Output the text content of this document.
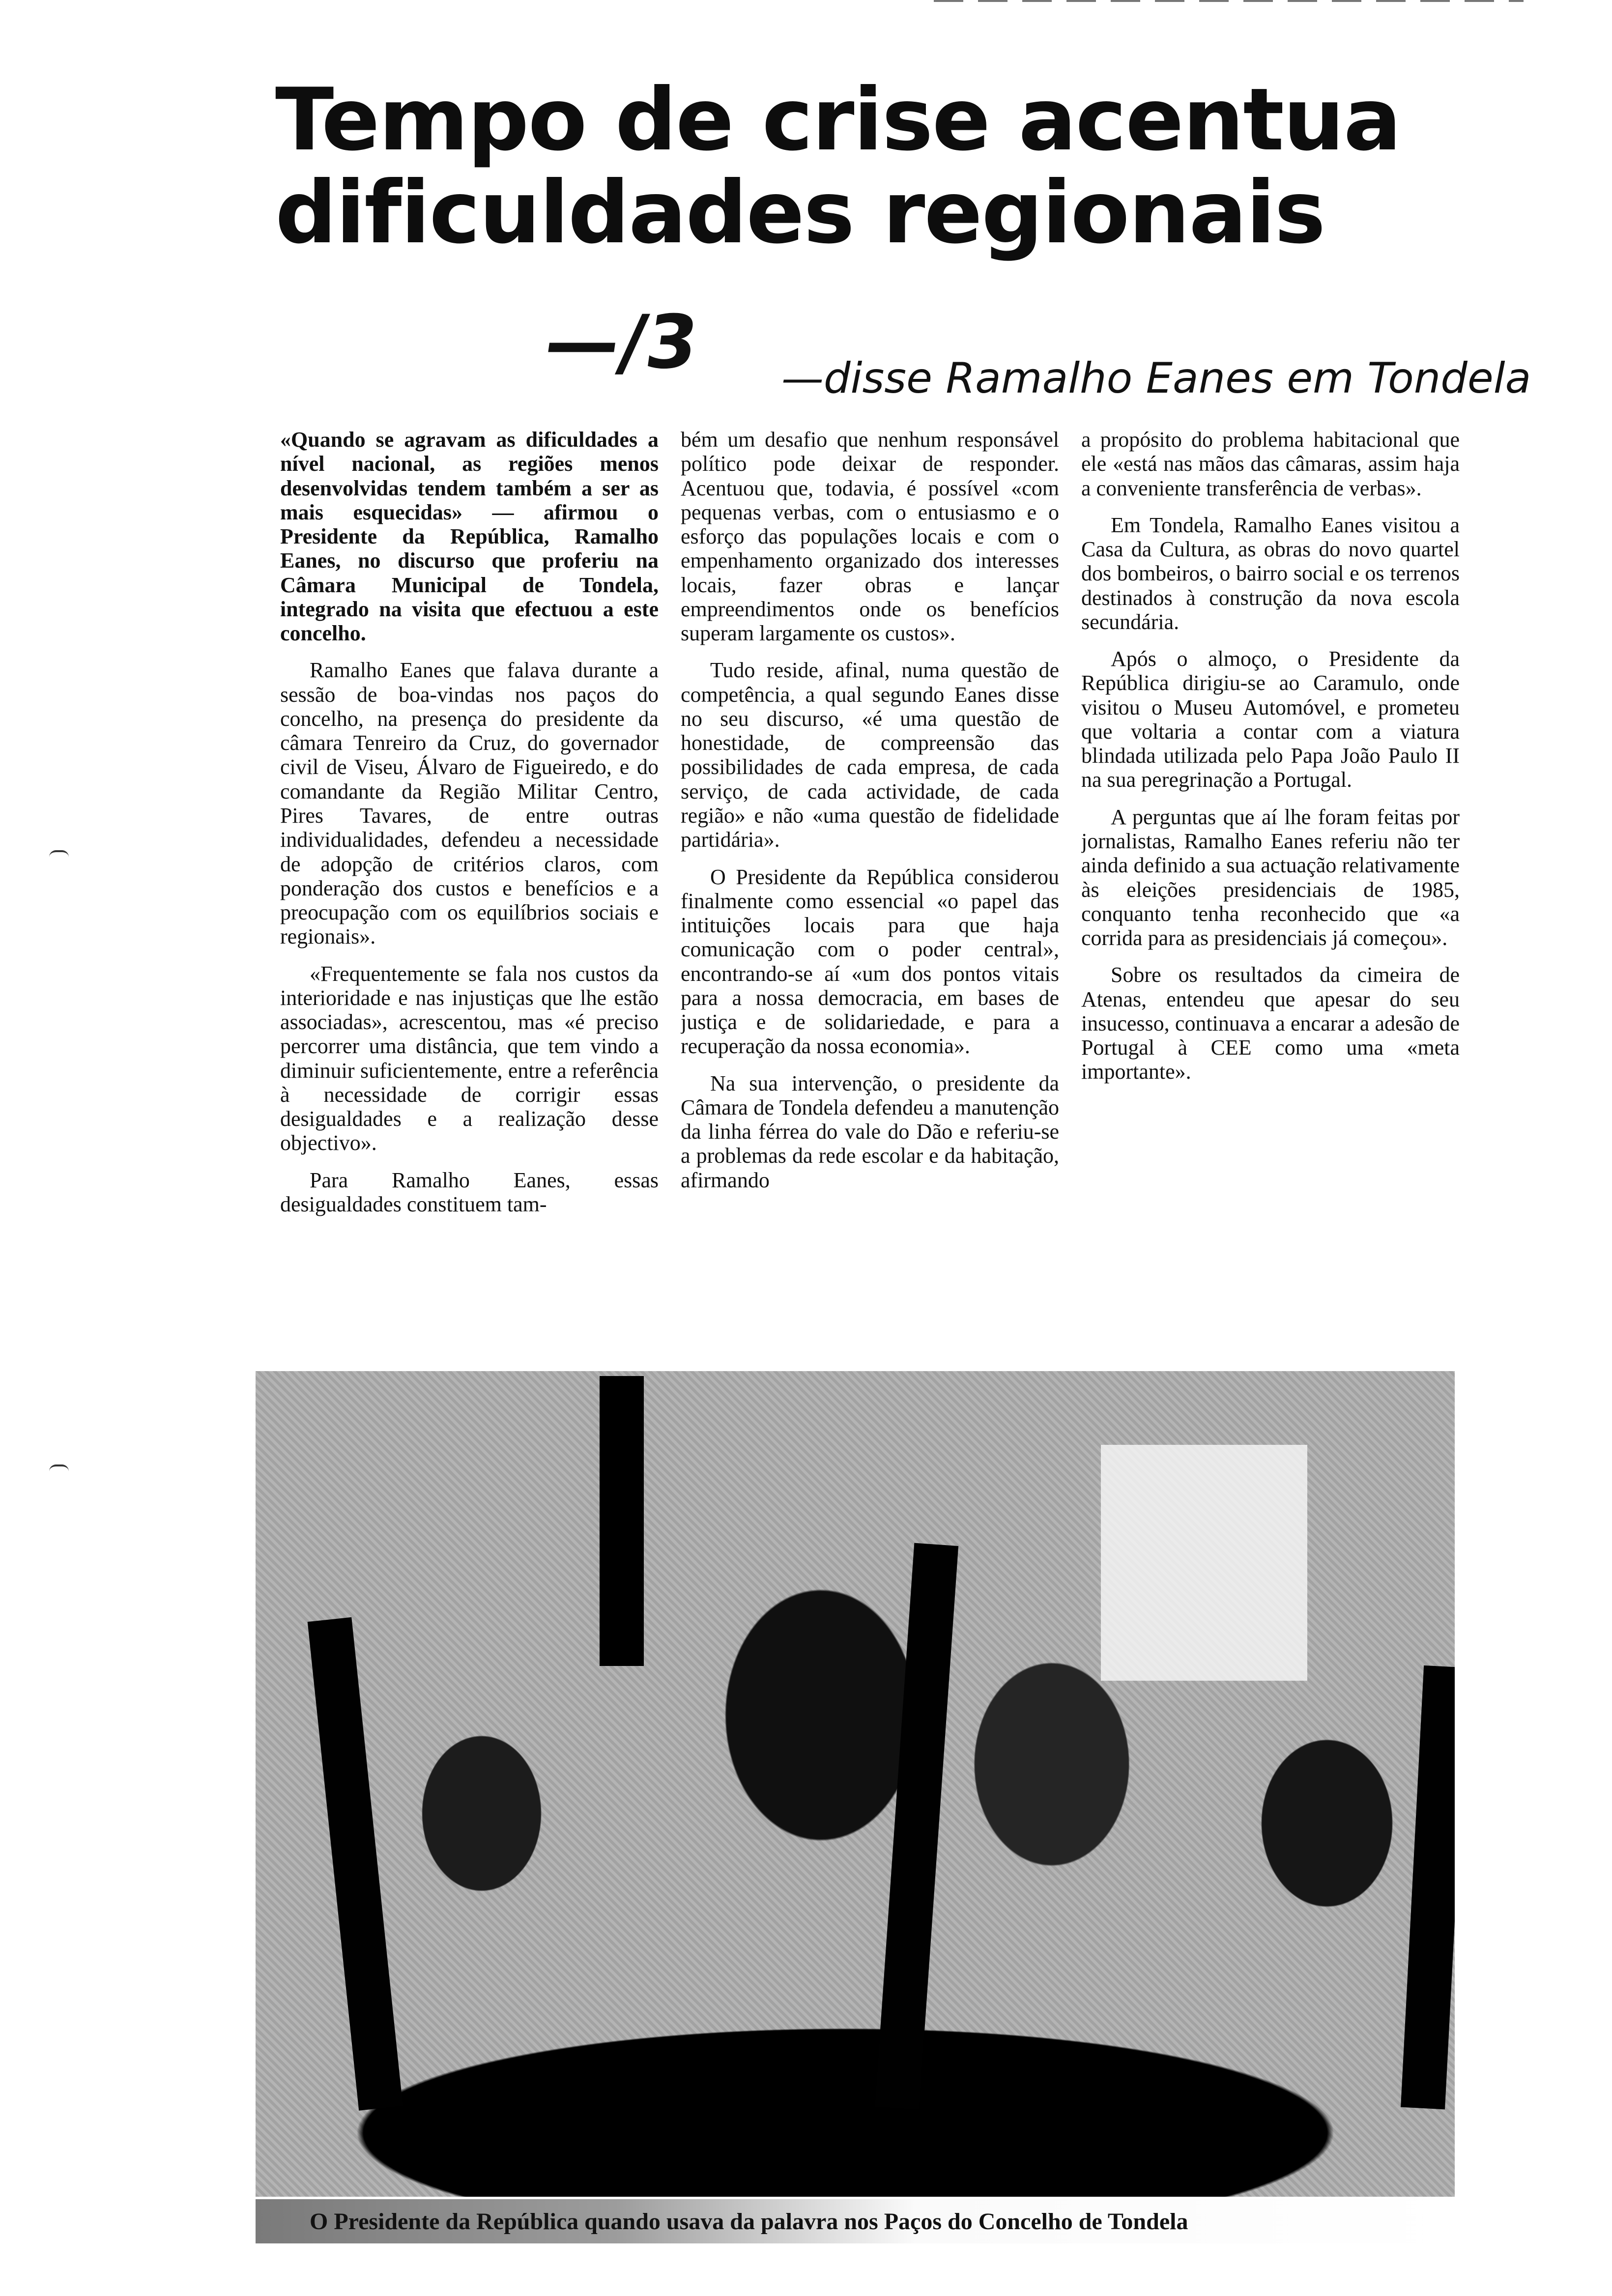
Tempo de crise acentua
dificuldades regionais
—/3 —disse Ramalho Eanes em Tondela

«Quando se agravam as dificuldades a nível nacional, as regiões menos desenvolvidas tendem também a ser as mais esquecidas» — afirmou o Presidente da República, Ramalho Eanes, no discurso que proferiu na Câmara Municipal de Tondela, integrado na visita que efectuou a este concelho.

Ramalho Eanes que falava durante a sessão de boa-vindas nos paços do concelho, na presença do presidente da câmara Tenreiro da Cruz, do governador civil de Viseu, Álvaro de Figueiredo, e do comandante da Região Militar Centro, Pires Tavares, de entre outras individualidades, defendeu a necessidade de adopção de critérios claros, com ponderação dos custos e benefícios e a preocupação com os equilíbrios sociais e regionais».

«Frequentemente se fala nos custos da interioridade e nas injustiças que lhe estão associadas», acrescentou, mas «é preciso percorrer uma distância, que tem vindo a diminuir suficientemente, entre a referência à necessidade de corrigir essas desigualdades e a realização desse objectivo».

Para Ramalho Eanes, essas desigualdades constituem tam-

bém um desafio que nenhum responsável político pode deixar de responder. Acentuou que, todavia, é possível «com pequenas verbas, com o entusiasmo e o esforço das populações locais e com o empenhamento organizado dos interesses locais, fazer obras e lançar empreendimentos onde os benefícios superam largamente os custos».

Tudo reside, afinal, numa questão de competência, a qual segundo Eanes disse no seu discurso, «é uma questão de honestidade, de compreensão das possibilidades de cada empresa, de cada serviço, de cada actividade, de cada região» e não «uma questão de fidelidade partidária».

O Presidente da República considerou finalmente como essencial «o papel das intituições locais para que haja comunicação com o poder central», encontrando-se aí «um dos pontos vitais para a nossa democracia, em bases de justiça e de solidariedade, e para a recuperação da nossa economia».

Na sua intervenção, o presidente da Câmara de Tondela defendeu a manutenção da linha férrea do vale do Dão e referiu-se a problemas da rede escolar e da habitação, afirmando

a propósito do problema habitacional que ele «está nas mãos das câmaras, assim haja a conveniente transferência de verbas».

Em Tondela, Ramalho Eanes visitou a Casa da Cultura, as obras do novo quartel dos bombeiros, o bairro social e os terrenos destinados à construção da nova escola secundária.

Após o almoço, o Presidente da República dirigiu-se ao Caramulo, onde visitou o Museu Automóvel, e prometeu que voltaria a contar com a viatura blindada utilizada pelo Papa João Paulo II na sua peregrinação a Portugal.

A perguntas que aí lhe foram feitas por jornalistas, Ramalho Eanes referiu não ter ainda definido a sua actuação relativamente às eleições presidenciais de 1985, conquanto tenha reconhecido que «a corrida para as presidenciais já começou».

Sobre os resultados da cimeira de Atenas, entendeu que apesar do seu insucesso, continuava a encarar a adesão de Portugal à CEE como uma «meta importante».

O Presidente da República quando usava da palavra nos Paços do Concelho de Tondela
